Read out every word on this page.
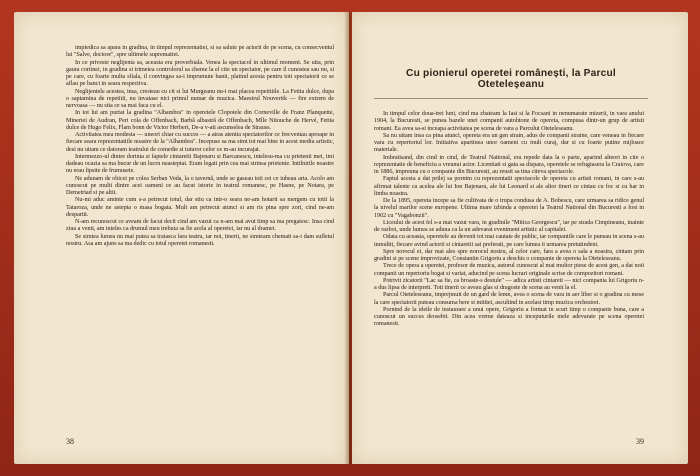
impiedica sa apara in gradina, in timpul reprezentatiei, si sa salute pe actorii de pe scena, cu consecventul lui "Salve, doctore", spre ultimele suprematiei.

In ce priveste neglijenta sa, aceasta era proverbiala. Venea la spectacol in ultimul moment. Se uita, prin gaura cortinei, in gradina si trimetea controlorul sa cheme la el cite un spectator, pe care il cunostea sau nu, si pe care, cu foarte multa sfiala, il convingea sa-i imprumute banii, platind acesta pentru toti spectatorii ce se aflau pe banci in seara respectiva.

Neglijentele acestea, insa, cresteau cu cit si lui Murgeanu nu-i mai placea repetitiile. La Fetita dulce, dupa o saptamina de repetitii, nu invatase nici primul numar de muzica. Maestrul Nouveritk — fire extrem de nervoasa — nu stia ce sa mai faca cu el.

In tot lui am purtat la gradina "Alhambra" in operetele Clopotele din Corneville de Franz Planquette, Mineriei de Audran, Peri cola de Offenbach, Barbă albastră de Offenbach, Mlle Nitouche de Hervé, Fetita dulce de Hugo Felix, Flam bonn de Victor Herbert, De-a v-ati ascunselea de Strauss.

Activitatea mea modesta — uneori chiar cu succes — a atras atentia spectatorilor ce frecventau aproape in fiecare seara reprezentatiile noastre de la "Alhambra". Incepuse sa ma simt tot mai bine in acest mediu artistic, desi nu uitam ce datoram teatrului de comedie si tuturor celor ce m-au incurajat.

Intermezzo-ul dintre dorinta si faptele cintaretii Bajenaru si Barcanescu, intelesu-ma cu prietenii mei, imi dadeau ocazia sa ma bucur de un lucru neasteptat. Eram legati prin cea mai strinsa prietenie. Intilnirile noastre nu erau lipsite de frumusete.

Ne adunam de obicei pe colea Serban Voda, la o tavernă, unde se gaseau toti cei ce iubeau arta. Acolo am cunoscut pe multi dintre acei oameni ce au facut istorie in teatrul romanesc, pe Hasne, pe Notara, pe Demetriad si pe altii.

Nu-mi aduc aminte cum s-a petrecut totul, dar stiu ca intr-o seara ne-am hotarit sa mergem cu totii la Tataroza, unde ne astepta o masa bogata. Mult am petrecut atunci si am ris pina spre zori, cind ne-am despartit.

N-am recunoscut ce aveam de facut decit cind am vazut ca n-am mai avut timp sa ma pregatesc. Insa cind ziua a venit, am inteles ca drumul meu trebuia sa fie acela al operetei, iar nu al dramei.

Se simtea lumea nu mai putea sa traiasca fara teatru, iar noi, tinerii, ne simteam chemati sa-i dam sufletul nostru. Asa am ajuns sa ma dedic cu totul operetei romanesti.

38
Cu pionierul operetei românești, la Parcul Oteteleșeanu

In timpul celor doua-trei luni, cind ma zbateam la Iasi si la Focsani in nenumarate mizerii, in vara anului 1904, la Bucuresti, se punea bazele unei companii autohtone de opereta, compusa dintr-un grup de artisti romani. Ea avea sa-si inceapa activitatea pe scena de vara a Parcului Oteteleseanu.

Sa nu uitam insa ca pina atunci, opereta era un gen strain, adus de companii straine, care veneau in fiecare vara cu repertoriul lor. Initiativa apartinea unor oameni cu mult curaj, dar si cu foarte putine mijloace materiale.

Imbratisand, din cind in cind, de Teatrul National, era repede data la o parte, aparind alteori in cite o reprezentatie de beneficiu a vreunui actor. Licentiati si gata sa dispara, operetele se refugiasera la Craiova, care in 1886, impreuna cu o companie din Bucuresti, au reusit sa tina citeva spectacole.

Faptul acesta a dat prilej sa pornim cu reprezentatii spectacole de opereta cu artisti romani, in care s-au afirmat talente ca acelea ale lui Ion Bajenaru, ale lui Leonard si ale altor tineri ce cintau cu foc si cu har in limba noastra.

De la 1895, opereta incepe sa fie cultivata de o trupa condusa de A. Bobescu, care urmarea sa ridice genul la nivelul marilor scene europene. Ultima mare izbinda a operetei la Teatrul National din Bucuresti a fost in 1902 cu "Vagabonzii".

Liceului de acest fel s-a mai vazut vara, in gradinile "Mitica Georgescu", iar pe strada Cimpineanu, inainte de razboi, unde lumea se aduna ca la un adevarat eveniment artistic al capitalei.

Odata cu aceasta, operetele au devenit tot mai cautate de public, iar companiile care le puneau in scena s-au inmultit, fiecare avind actorii si cintaretii sai preferati, pe care lumea ii urmarea pretutindeni.

Spre norocul ei, dar mai ales spre norocul nostru, al celor care, fara a avea o sala a noastra, cintam prin gradini si pe scene improvizate, Constantin Grigoriu a deschis o companie de opereta la Oteteleseanu.

Trece de opera a operetei, profesor de muzica, autorul cunoscut al mai multor piese de acest gen, a dat noii companii un repertoriu bogat si variat, aducind pe scena lucrari originale scrise de compozitori romani.

Potrivit zicatorii "Lac sa fie, ca broaste-s destule" — adica artisti cintareti — nici compania lui Grigoriu n-a dus lipsa de interpreti. Toti tinerii ce aveau glas si dragoste de scena au venit la el.

Parcul Oteteleseanu, imprejmuit de un gard de lemn, avea o scena de vara in aer liber si o gradina cu mese la care spectatorii puteau consuma bere si mititei, ascultind in acelasi timp muzica orchestrei.

Pornind de la ideile de instaurare a unui opere, Grigoriu a format in scurt timp o companie buna, care a cunoscut un succes deosebit. Din acea vreme dateaza si inceputurile mele adevarate pe scena operetei romanesti.

39
